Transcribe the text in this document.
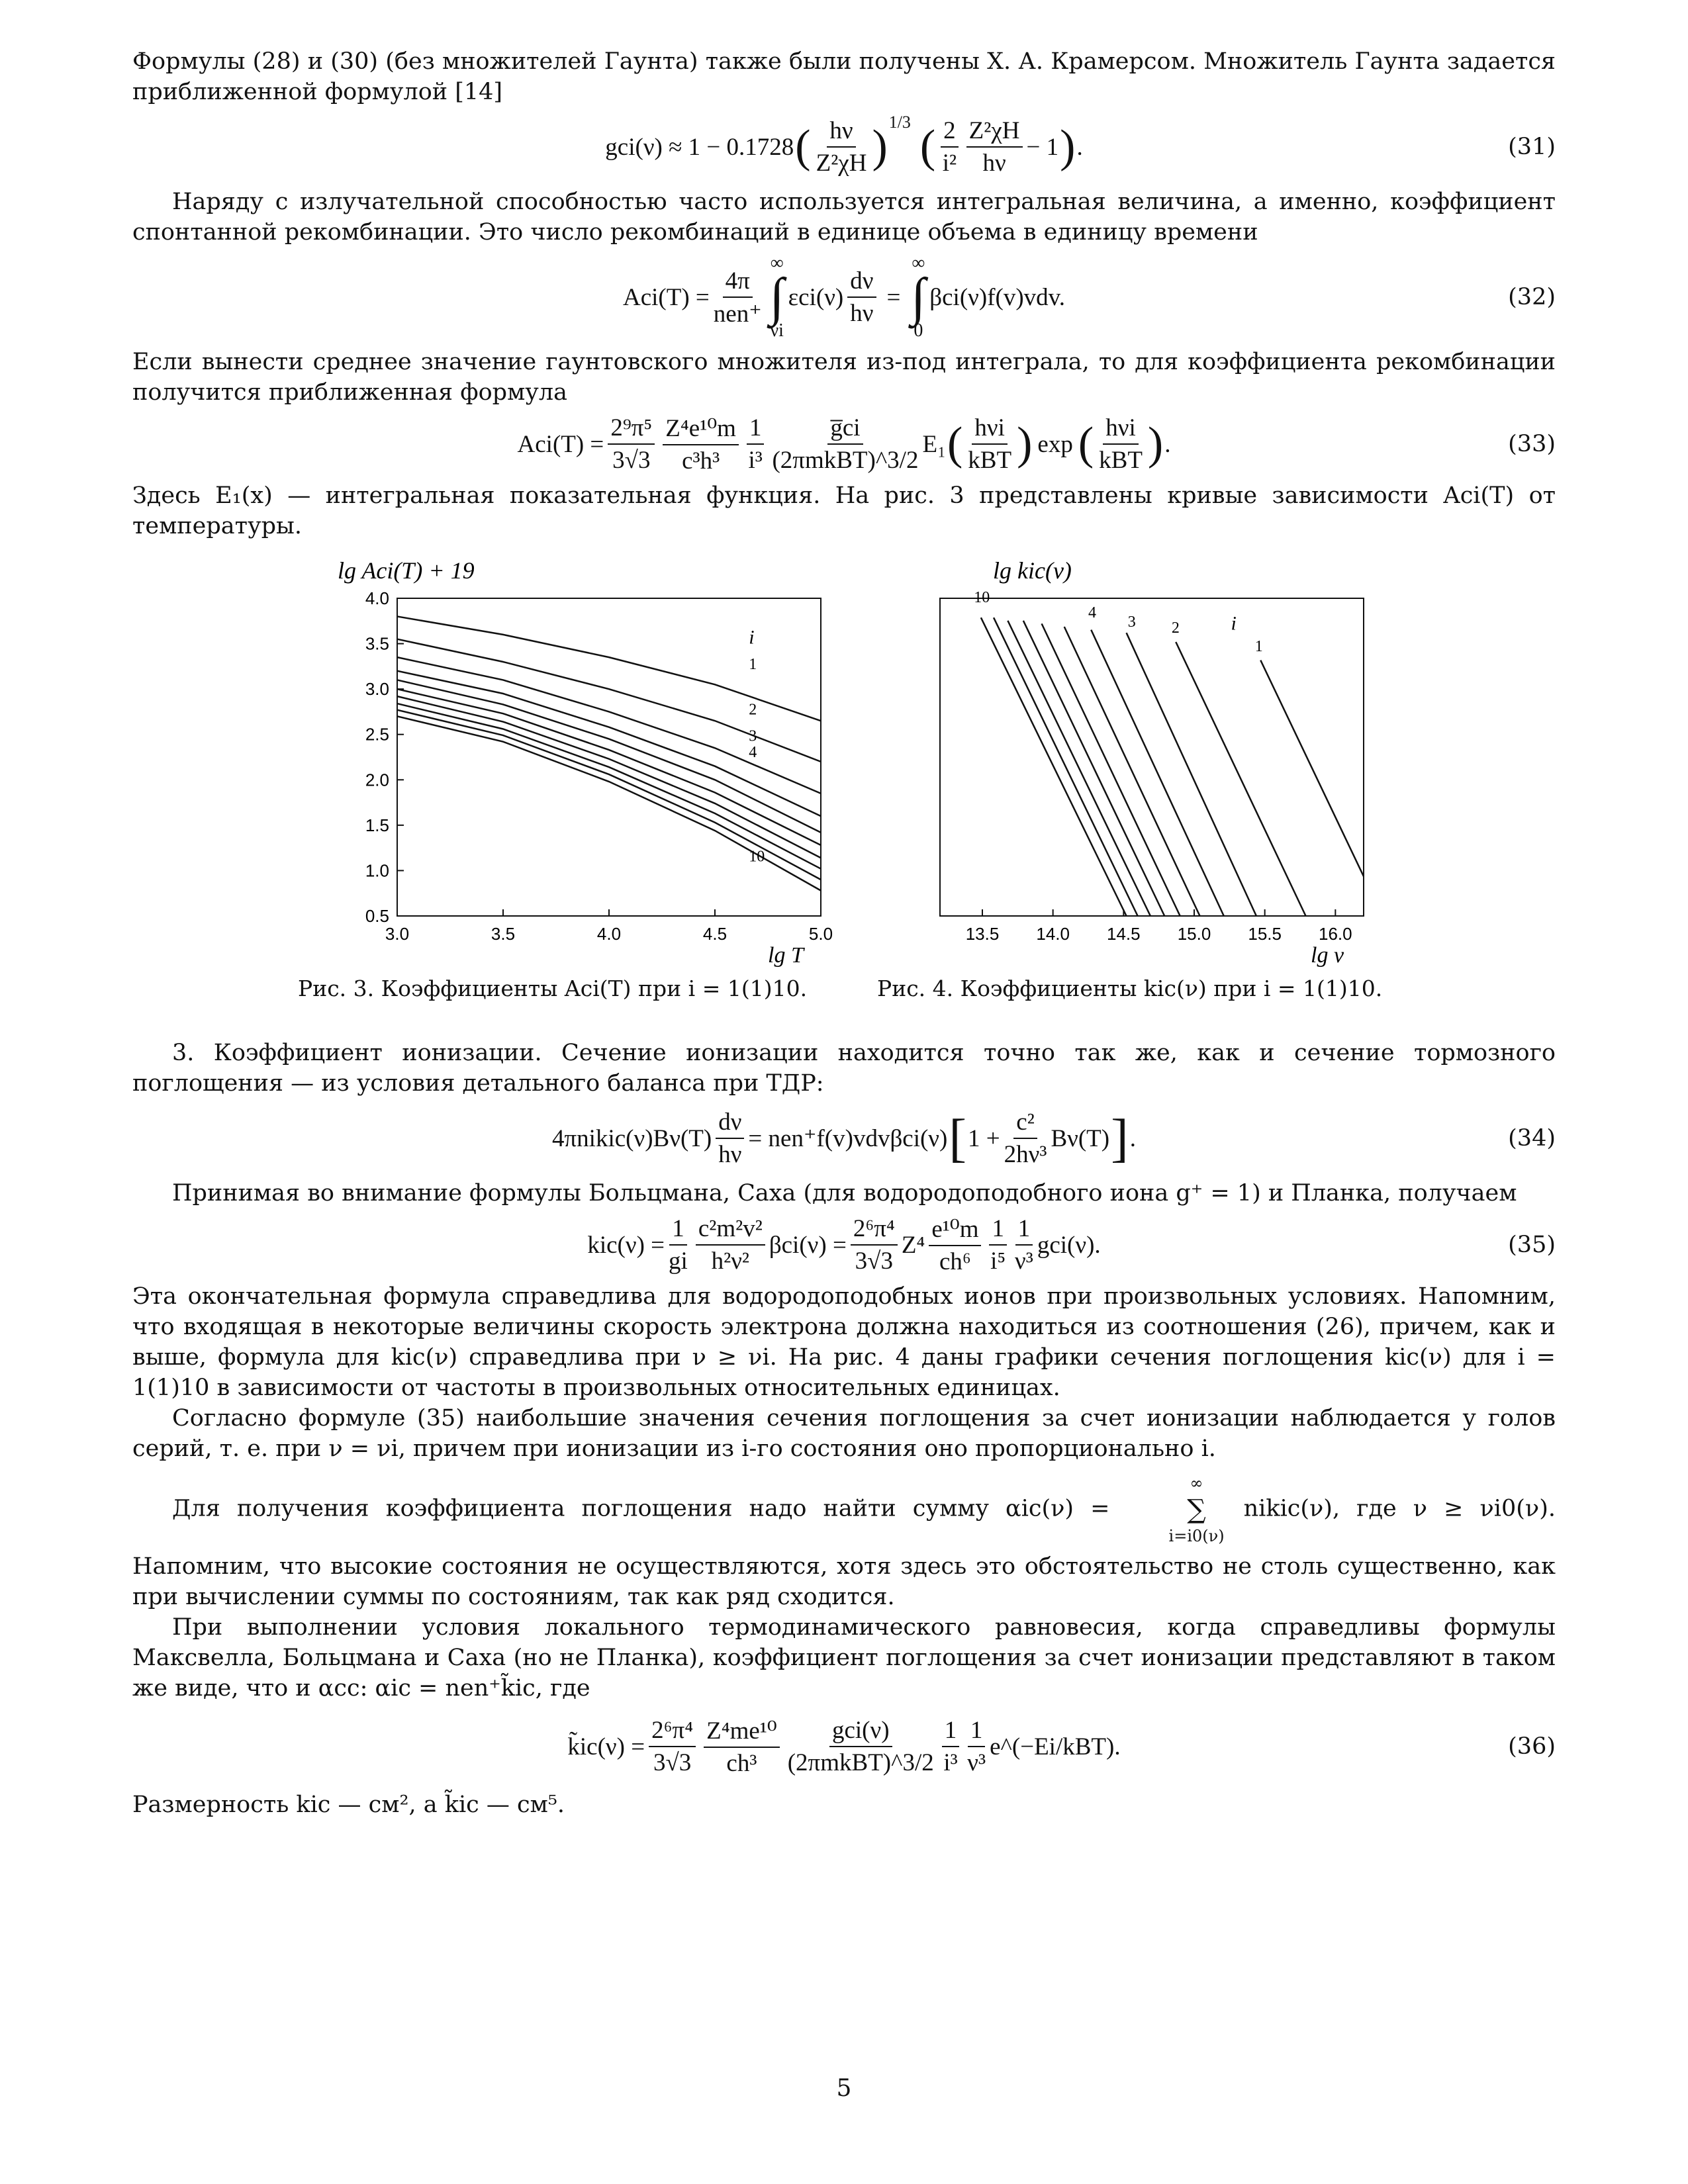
Формулы (28) и (30) (без множителей Гаунта) также были получены Х. А. Крамерсом. Множитель Гаунта задается приближенной формулой [14]

gci(ν) ≈ 1 − 0.1728 ( $\frac{h\nu}{\text{Z²χH}} )^{1/3}$ ( $\frac{2}{\text{i²}} \frac{\text{Z²χH}}{h\nu} - 1$ ) .	(31)

Наряду с излучательной способностью часто используется интегральная величина, а именно, коэффициент спонтанной рекомбинации. Это число рекомбинаций в единице объема в единицу времени

$Aci(T) = \frac{4\pi}{\text{nen⁺}}$
∞
∫
νi
$\varepsilon ci(\nu) \frac{d\nu}{h\nu}$ =
∞
∫
0
βci(ν)f(v)vdv.	(32)

Если вынести среднее значение гаунтовского множителя из-под интеграла, то для коэффициента рекомбинации получится приближенная формула

$Aci(T) = \frac{\text{2⁹π⁵}}{3√3} \frac{\text{Z⁴e¹⁰m}}{\text{c³h³}} \frac{1}{\text{i³}} \frac{g̅ci}{\text{(2πmkBT)\textasciicircum{}3/2}} E_1$ ( $\frac{\text{hνi}}{\text{kBT}}$ ) exp ( $\frac{\text{hνi}}{\text{kBT}}$ ) .	(33)

Здесь E₁(x) — интегральная показательная функция. На рис. 3 представлены кривые зависимости Aci(T) от температуры.

lg Aci(T) + 19
3.0	3.5	4.0	4.5	5.0
0.5
1.0
1.5
2.0
2.5
3.0
3.5
4.0
lg T
i
1
2
3
4
10
lg kic(ν)
13.5 14.0 14.5 15.0 15.5 16.0
lg ν
i
10
4
3 2
1
Рис. 3. Коэффициенты Aci(T) при i = 1(1)10.	Рис. 4. Коэффициенты kic(ν) при i = 1(1)10.

3. Коэффициент ионизации. Сечение ионизации находится точно так же, как и сечение тормозного поглощения — из условия детального баланса при ТДР:

4πnikic(ν)Bν(T) $\frac{d\nu}{h\nu} = nen^+f(v)vdv\beta ci(\nu)$ [ $1 + \frac{\text{c²}}{\text{2hν³}} B\nu(T)$ ] .	(34)

Принимая во внимание формулы Больцмана, Саха (для водородоподобного иона g⁺ = 1) и Планка, получаем

$kic(\nu) = \frac{1}{gi} \frac{\text{c²m²v²}}{\text{h²ν²}} \beta ci(\nu) = \frac{\text{2⁶π⁴}}{3√3} Z^4 \frac{\text{e¹⁰m}}{\text{ch⁶}} \frac{1}{\text{i⁵}} \frac{1}{\text{ν³}} gci(\nu)$.	(35)

Эта окончательная формула справедлива для водородоподобных ионов при произвольных условиях. Напомним, что входящая в некоторые величины скорость электрона должна находиться из соотношения (26), причем, как и выше, формула для kic(ν) справедлива при ν ≥ νi. На рис. 4 даны графики сечения поглощения kic(ν) для i = 1(1)10 в зависимости от частоты в произвольных относительных единицах.

Согласно формуле (35) наибольшие значения сечения поглощения за счет ионизации наблюдается у голов серий, т. е. при ν = νi, причем при ионизации из i-го состояния оно пропорционально i.

Для получения коэффициента поглощения надо найти сумму αic(ν) =
∞
∑
i=i0(ν)
nikic(ν), где ν ≥ νi0(ν). Напомним, что высокие состояния не осуществляются, хотя здесь это обстоятельство не столь существенно, как при вычислении суммы по состояниям, так как ряд сходится.

При выполнении условия локального термодинамического равновесия, когда справедливы формулы Максвелла, Больцмана и Саха (но не Планка), коэффициент поглощения за счет ионизации представляют в таком же виде, что и αcc: αic = nen⁺k̃ic, где

k̃ic(ν) = $\frac{\text{2⁶π⁴}}{3√3} \frac{\text{Z⁴me¹⁰}}{\text{ch³}} \frac{\text{gci(ν)}}{\text{(2πmkBT)\textasciicircum{}3/2}} \frac{1}{\text{i³}} \frac{1}{\text{ν³}}$ e^(−Ei/kBT).	(36)

Размерность kic — см², а k̃ic — см⁵.

5
